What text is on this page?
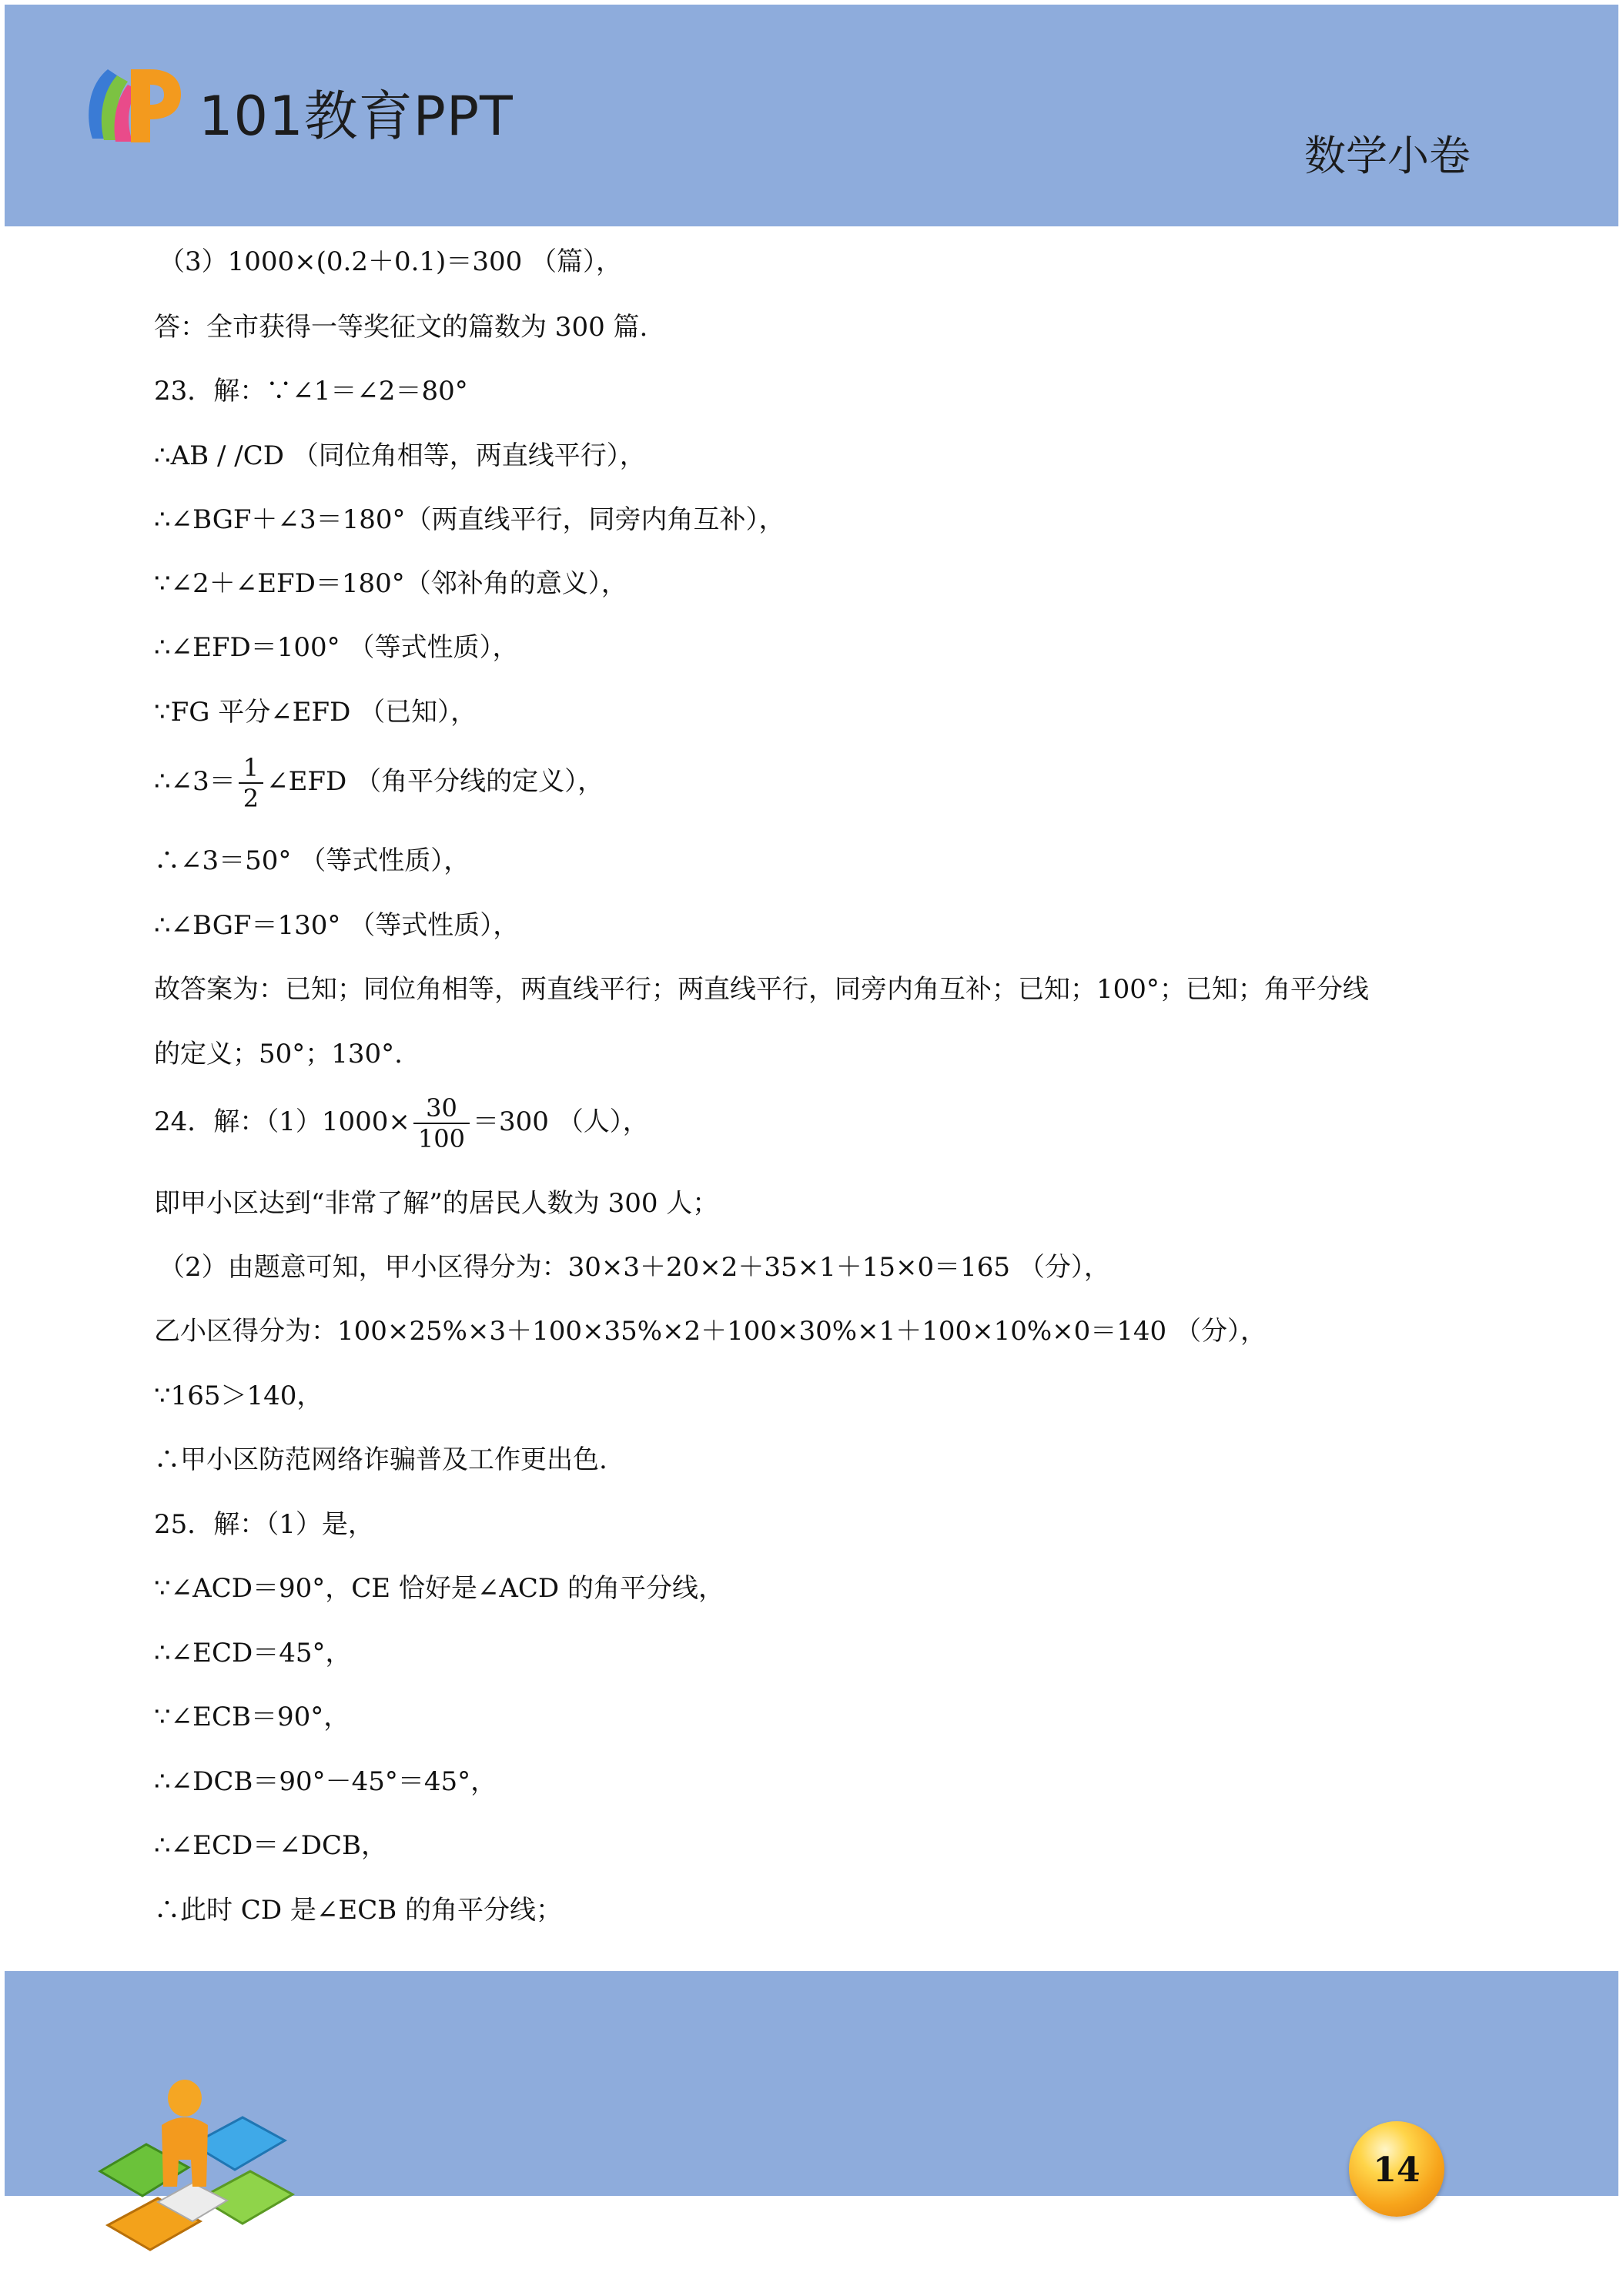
101教育PPT
数学小卷
（3）1000×(0.2＋0.1)＝300 （篇），
答：全市获得一等奖征文的篇数为 300 篇.
23．解：∵∠1＝∠2＝80°
∴AB / /CD （同位角相等，两直线平行），
∴∠BGF＋∠3＝180°（两直线平行，同旁内角互补），
∵∠2＋∠EFD＝180°（邻补角的意义），
∴∠EFD＝100° （等式性质），
∵FG 平分∠EFD （已知），
∴∠3＝ $\frac{1}{2}$ ∠EFD （角平分线的定义），
∴∠3＝50° （等式性质），
∴∠BGF＝130° （等式性质），
故答案为：已知；同位角相等，两直线平行；两直线平行，同旁内角互补；已知；100°；已知；角平分线
的定义；50°；130°.
24．解：$(1)1000\times \frac{30}{100} =300$ （人），
即甲小区达到“非常了解”的居民人数为 300 人；
（2）由题意可知，甲小区得分为：30×3＋20×2＋35×1＋15×0＝165 （分），
乙小区得分为：100×25%×3＋100×35%×2＋100×30%×1＋100×10%×0＝140 （分），
∵165＞140，
∴甲小区防范网络诈骗普及工作更出色.
25．解：（1）是，
∵∠ACD＝90°，CE 恰好是∠ACD 的角平分线，
∴∠ECD＝45°，
∵∠ECB＝90°，
∴∠DCB＝90°－45°＝45°，
∴∠ECD＝∠DCB，
∴此时 CD 是∠ECB 的角平分线；
14
